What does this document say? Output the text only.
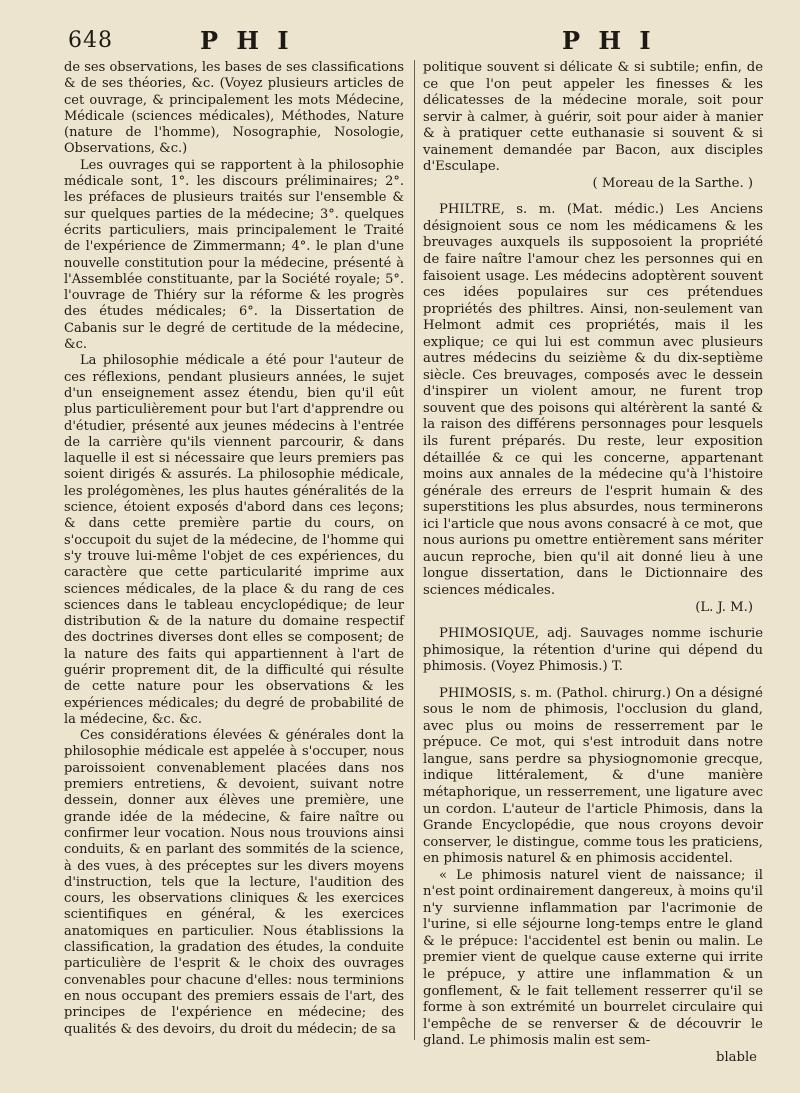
648	P H I	P H I

de ses observations, les bases de ses classifications & de ses théories, &c. (Voyez plusieurs articles de cet ouvrage, & principalement les mots Médecine, Médicale (sciences médicales), Méthodes, Nature (nature de l'homme), Nosographie, Nosologie, Observations, &c.)

Les ouvrages qui se rapportent à la philosophie médicale sont, 1°. les discours préliminaires; 2°. les préfaces de plusieurs traités sur l'ensemble & sur quelques parties de la médecine; 3°. quelques écrits particuliers, mais principalement le Traité de l'expérience de Zimmermann; 4°. le plan d'une nouvelle constitution pour la médecine, présenté à l'Assemblée constituante, par la Société royale; 5°. l'ouvrage de Thiéry sur la réforme & les progrès des études médicales; 6°. la Dissertation de Cabanis sur le degré de certitude de la médecine, &c.

La philosophie médicale a été pour l'auteur de ces réflexions, pendant plusieurs années, le sujet d'un enseignement assez étendu, bien qu'il eût plus particulièrement pour but l'art d'apprendre ou d'étudier, présenté aux jeunes médecins à l'entrée de la carrière qu'ils viennent parcourir, & dans laquelle il est si nécessaire que leurs premiers pas soient dirigés & assurés. La philosophie médicale, les prolégomènes, les plus hautes généralités de la science, étoient exposés d'abord dans ces leçons; & dans cette première partie du cours, on s'occupoit du sujet de la médecine, de l'homme qui s'y trouve lui-même l'objet de ces expériences, du caractère que cette particularité imprime aux sciences médicales, de la place & du rang de ces sciences dans le tableau encyclopédique; de leur distribution & de la nature du domaine respectif des doctrines diverses dont elles se composent; de la nature des faits qui appartiennent à l'art de guérir proprement dit, de la difficulté qui résulte de cette nature pour les observations & les expériences médicales; du degré de probabilité de la médecine, &c. &c.

Ces considérations élevées & générales dont la philosophie médicale est appelée à s'occuper, nous paroissoient convenablement placées dans nos premiers entretiens, & devoient, suivant notre dessein, donner aux élèves une première, une grande idée de la médecine, & faire naître ou confirmer leur vocation. Nous nous trouvions ainsi conduits, & en parlant des sommités de la science, à des vues, à des préceptes sur les divers moyens d'instruction, tels que la lecture, l'audition des cours, les observations cliniques & les exercices scientifiques en général, & les exercices anatomiques en particulier. Nous établissions la classification, la gradation des études, la conduite particulière de l'esprit & le choix des ouvrages convenables pour chacune d'elles: nous terminions en nous occupant des premiers essais de l'art, des principes de l'expérience en médecine; des qualités & des devoirs, du droit du médecin; de sa

politique souvent si délicate & si subtile; enfin, de ce que l'on peut appeler les finesses & les délicatesses de la médecine morale, soit pour servir à calmer, à guérir, soit pour aider à manier & à pratiquer cette euthanasie si souvent & si vainement demandée par Bacon, aux disciples d'Esculape.

( Moreau de la Sarthe. )

PHILTRE, s. m. (Mat. médic.) Les Anciens désignoient sous ce nom les médicamens & les breuvages auxquels ils supposoient la propriété de faire naître l'amour chez les personnes qui en faisoient usage. Les médecins adoptèrent souvent ces idées populaires sur ces prétendues propriétés des philtres. Ainsi, non-seulement van Helmont admit ces propriétés, mais il les explique; ce qui lui est commun avec plusieurs autres médecins du seizième & du dix-septième siècle. Ces breuvages, composés avec le dessein d'inspirer un violent amour, ne furent trop souvent que des poisons qui altérèrent la santé & la raison des différens personnages pour lesquels ils furent préparés. Du reste, leur exposition détaillée & ce qui les concerne, appartenant moins aux annales de la médecine qu'à l'histoire générale des erreurs de l'esprit humain & des superstitions les plus absurdes, nous terminerons ici l'article que nous avons consacré à ce mot, que nous aurions pu omettre entièrement sans mériter aucun reproche, bien qu'il ait donné lieu à une longue dissertation, dans le Dictionnaire des sciences médicales.

(L. J. M.)

PHIMOSIQUE, adj. Sauvages nomme ischurie phimosique, la rétention d'urine qui dépend du phimosis. (Voyez Phimosis.) T.

PHIMOSIS, s. m. (Pathol. chirurg.) On a désigné sous le nom de phimosis, l'occlusion du gland, avec plus ou moins de resserrement par le prépuce. Ce mot, qui s'est introduit dans notre langue, sans perdre sa physiognomonie grecque, indique littéralement, & d'une manière métaphorique, un resserrement, une ligature avec un cordon. L'auteur de l'article Phimosis, dans la Grande Encyclopédie, que nous croyons devoir conserver, le distingue, comme tous les praticiens, en phimosis naturel & en phimosis accidentel.

« Le phimosis naturel vient de naissance; il n'est point ordinairement dangereux, à moins qu'il n'y survienne inflammation par l'acrimonie de l'urine, si elle séjourne long-temps entre le gland & le prépuce: l'accidentel est benin ou malin. Le premier vient de quelque cause externe qui irrite le prépuce, y attire une inflammation & un gonflement, & le fait tellement resserrer qu'il se forme à son extrémité un bourrelet circulaire qui l'empêche de se renverser & de découvrir le gland. Le phimosis malin est sem-

blable
